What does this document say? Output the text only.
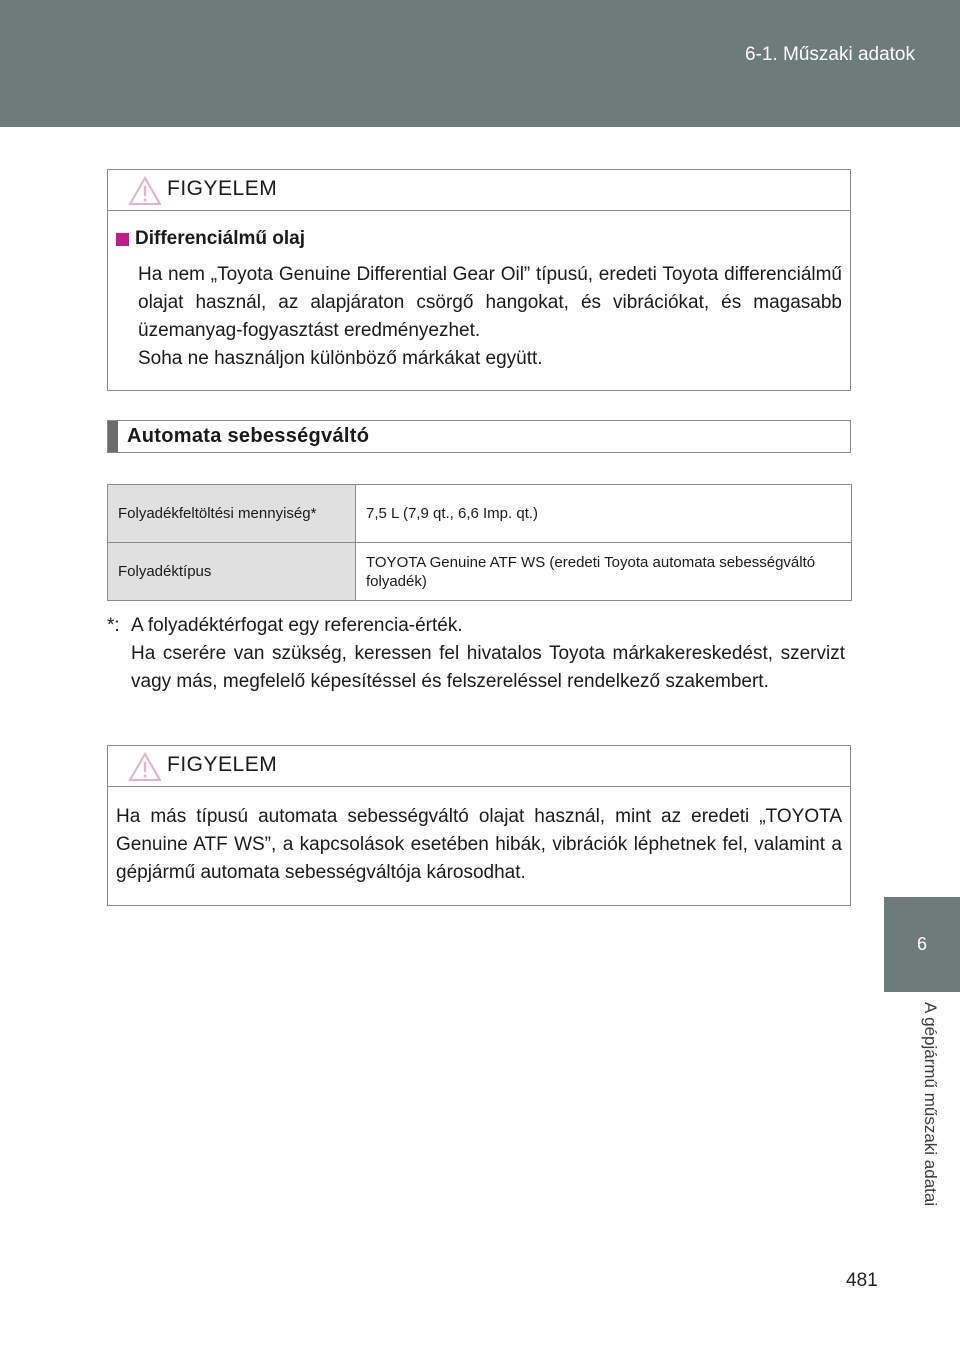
6-1. Műszaki adatok
6
A gépjármű műszaki adatai
FIGYELEM
Differenciálmű olaj
Ha nem „Toyota Genuine Differential Gear Oil” típusú, eredeti Toyota differenciálmű olajat használ, az alapjáraton csörgő hangokat, és vibrációkat, és magasabb üzemanyag-fogyasztást eredményezhet.
Soha ne használjon különböző márkákat együtt.
Automata sebességváltó
Folyadékfeltöltési mennyiség*	7,5 L (7,9 qt., 6,6 Imp. qt.)
Folyadéktípus	TOYOTA Genuine ATF WS (eredeti Toyota automata sebességváltó folyadék)
*: A folyadéktérfogat egy referencia-érték.
Ha cserére van szükség, keressen fel hivatalos Toyota márkakereskedést, szervizt vagy más, megfelelő képesítéssel és felszereléssel rendelkező szakembert.
FIGYELEM
Ha más típusú automata sebességváltó olajat használ, mint az eredeti „TOYOTA Genuine ATF WS”, a kapcsolások esetében hibák, vibrációk léphetnek fel, valamint a gépjármű automata sebességváltója károsodhat.
481
